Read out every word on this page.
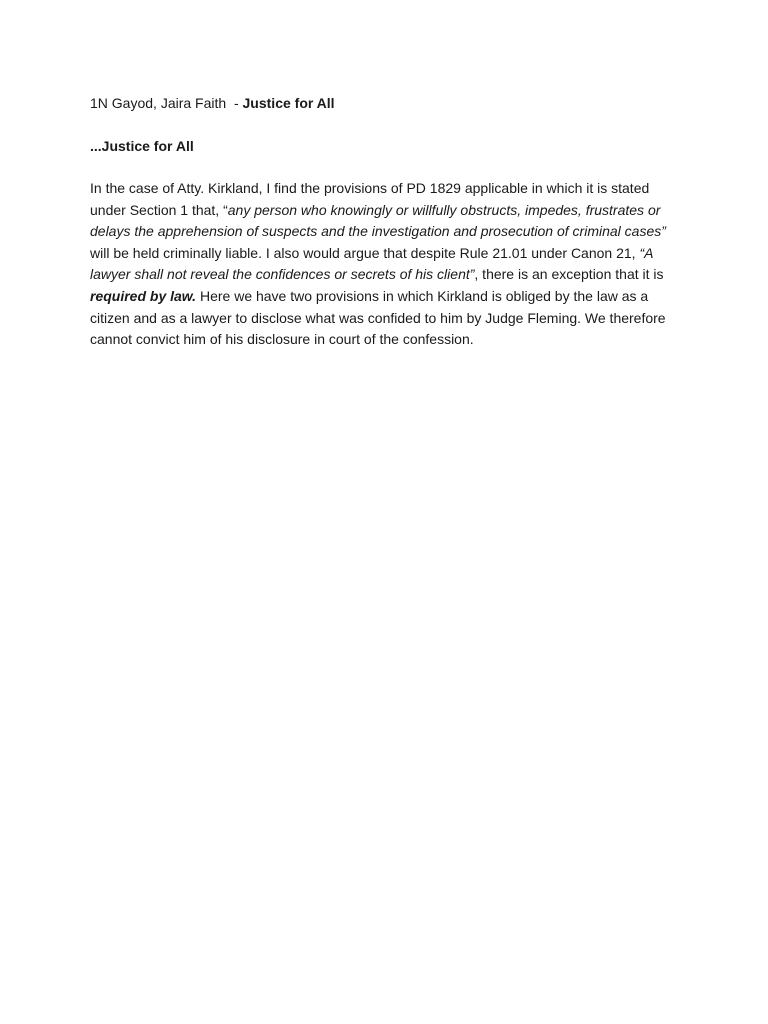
1N Gayod, Jaira Faith  - Justice for All

...Justice for All

In the case of Atty. Kirkland, I find the provisions of PD 1829 applicable in which it is stated under Section 1 that, “any person who knowingly or willfully obstructs, impedes, frustrates or delays the apprehension of suspects and the investigation and prosecution of criminal cases” will be held criminally liable. I also would argue that despite Rule 21.01 under Canon 21, “A lawyer shall not reveal the confidences or secrets of his client”, there is an exception that it is required by law. Here we have two provisions in which Kirkland is obliged by the law as a citizen and as a lawyer to disclose what was confided to him by Judge Fleming. We therefore cannot convict him of his disclosure in court of the confession.
